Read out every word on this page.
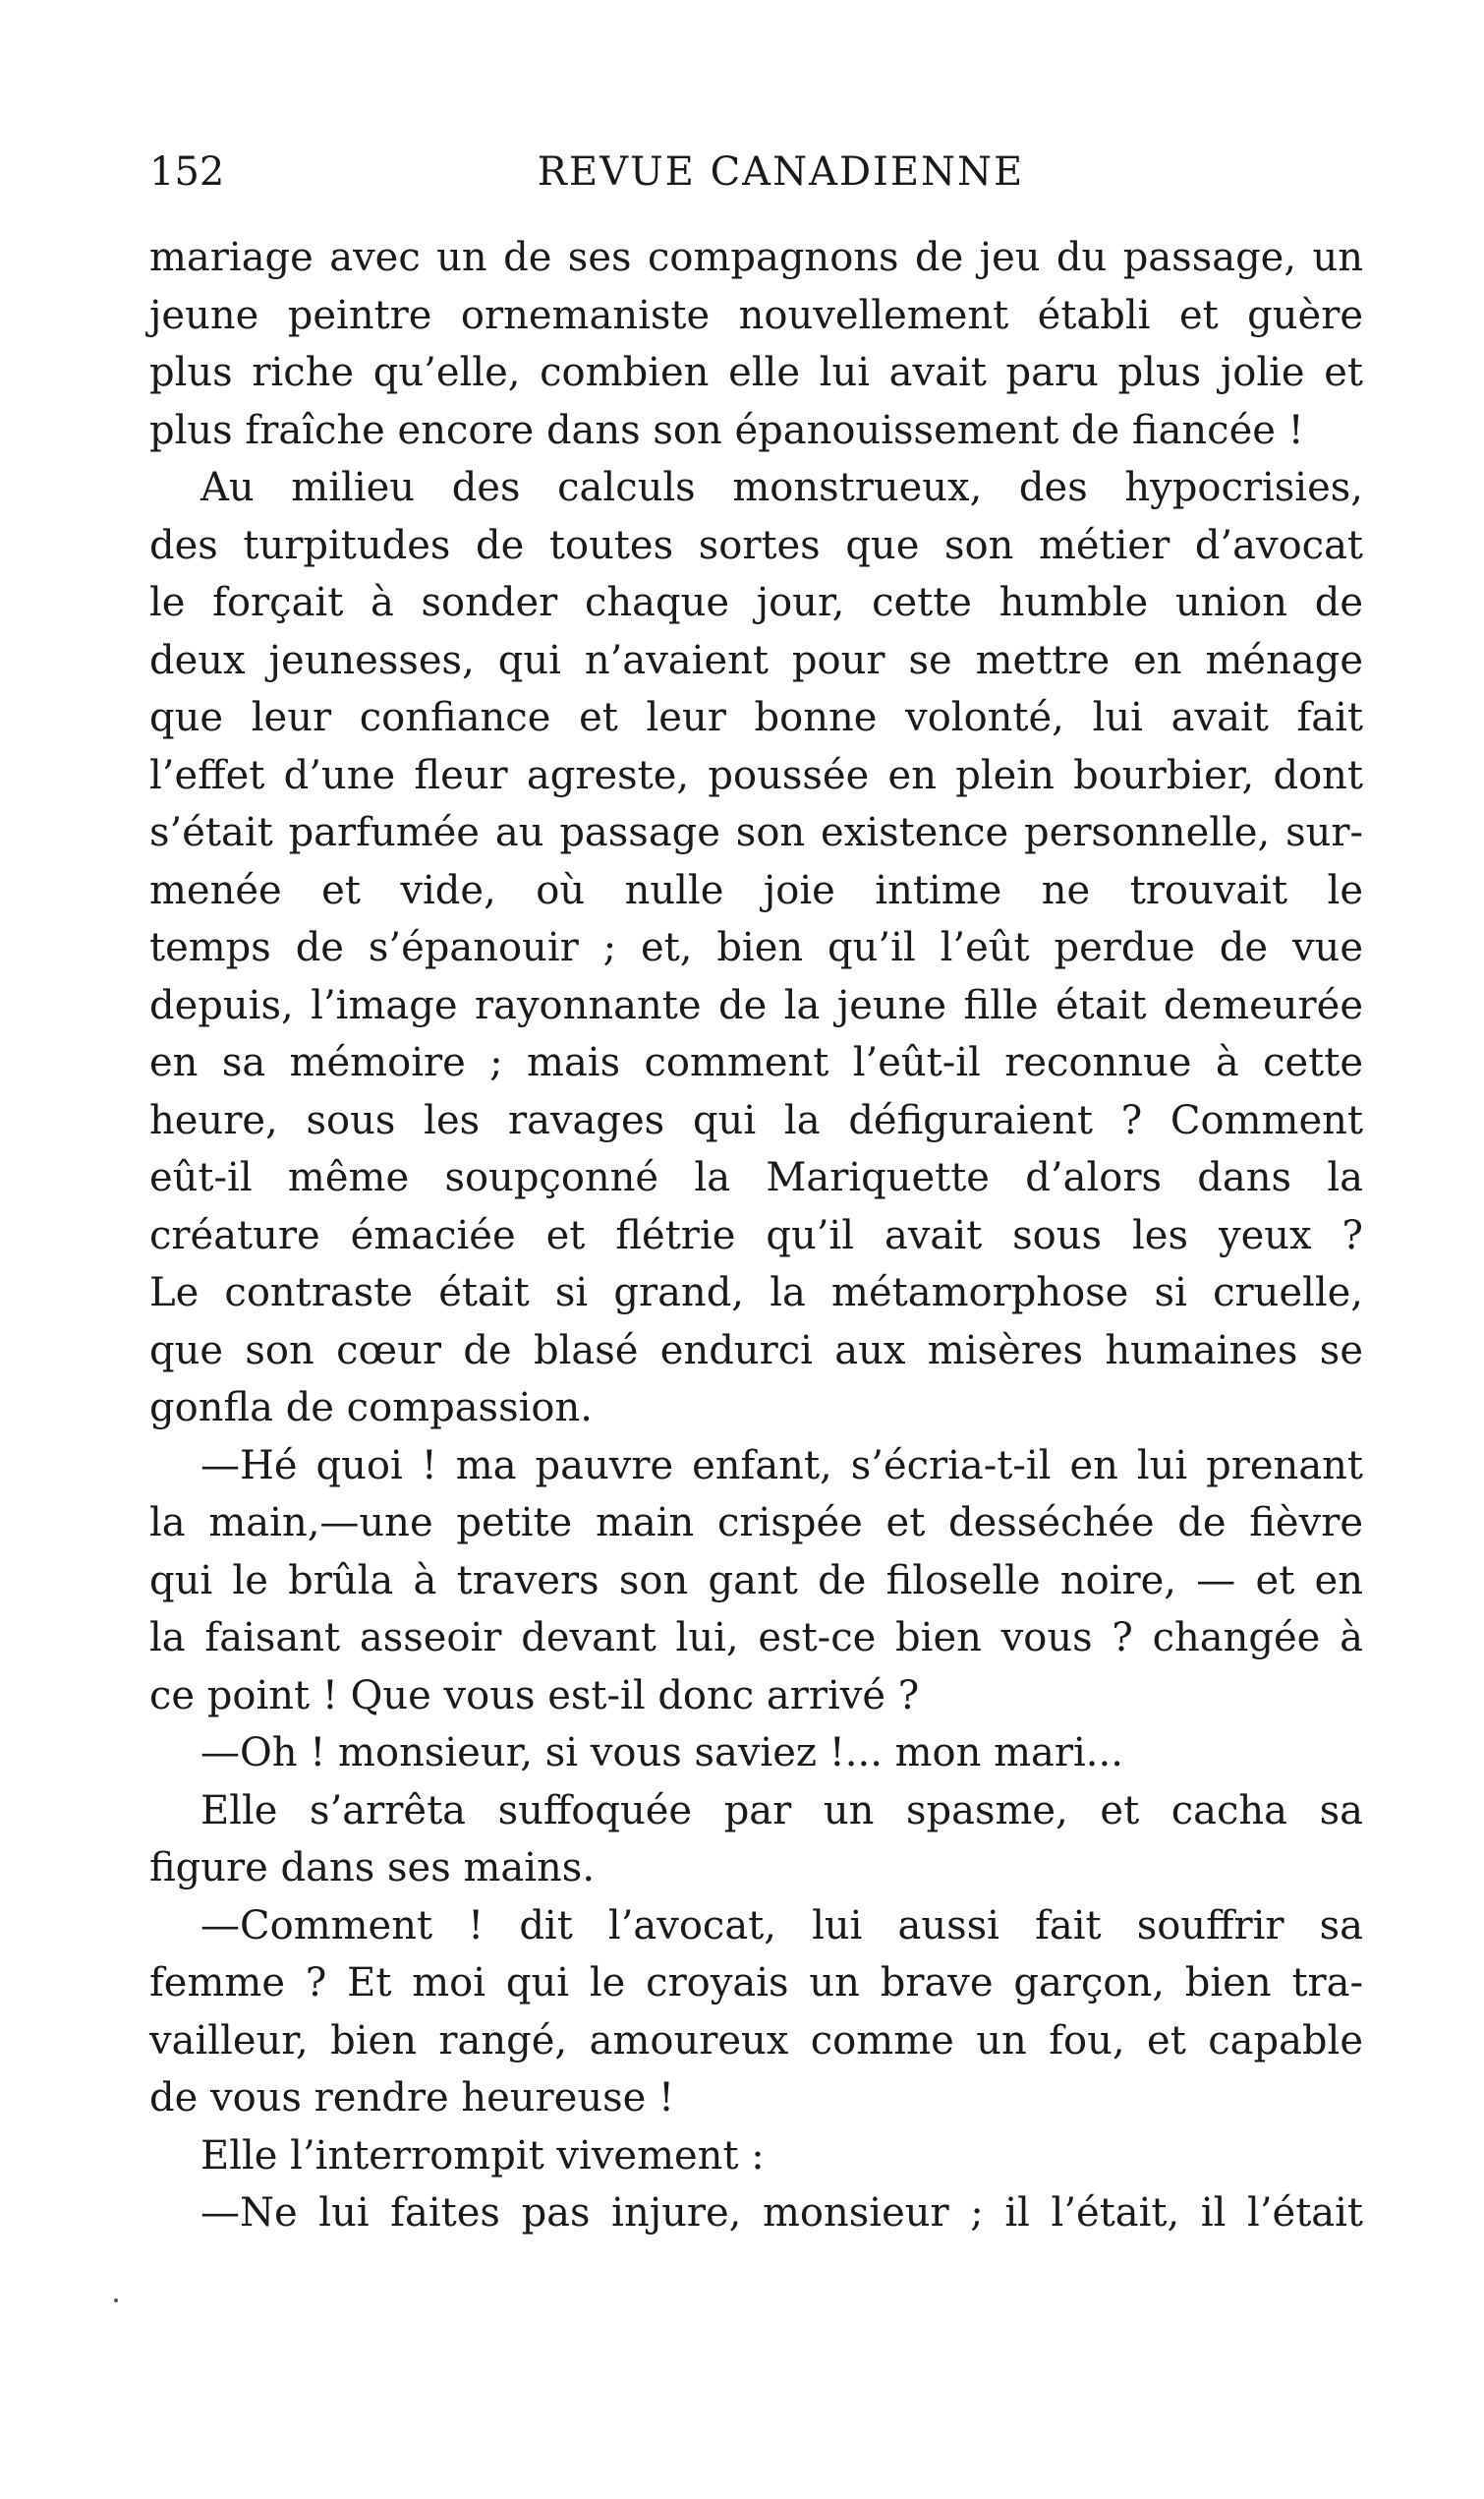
152	REVUE CANADIENNE
mariage avec un de ses compagnons de jeu du passage, un
jeune peintre ornemaniste nouvellement établi et guère
plus riche qu’elle, combien elle lui avait paru plus jolie et
plus fraîche encore dans son épanouissement de fiancée !
Au milieu des calculs monstrueux, des hypocrisies,
des turpitudes de toutes sortes que son métier d’avocat
le forçait à sonder chaque jour, cette humble union de
deux jeunesses, qui n’avaient pour se mettre en ménage
que leur confiance et leur bonne volonté, lui avait fait
l’effet d’une fleur agreste, poussée en plein bourbier, dont
s’était parfumée au passage son existence personnelle, sur-
menée et vide, où nulle joie intime ne trouvait le
temps de s’épanouir ; et, bien qu’il l’eût perdue de vue
depuis, l’image rayonnante de la jeune fille était demeurée
en sa mémoire ; mais comment l’eût-il reconnue à cette
heure, sous les ravages qui la défiguraient ? Comment
eût-il même soupçonné la Mariquette d’alors dans la
créature émaciée et flétrie qu’il avait sous les yeux ?
Le contraste était si grand, la métamorphose si cruelle,
que son cœur de blasé endurci aux misères humaines se
gonfla de compassion.
—Hé quoi ! ma pauvre enfant, s’écria-t-il en lui prenant
la main,—une petite main crispée et desséchée de fièvre
qui le brûla à travers son gant de filoselle noire, — et en
la faisant asseoir devant lui, est-ce bien vous ? changée à
ce point ! Que vous est-il donc arrivé ?
—Oh ! monsieur, si vous saviez !... mon mari...
Elle s’arrêta suffoquée par un spasme, et cacha sa
figure dans ses mains.
—Comment ! dit l’avocat, lui aussi fait souffrir sa
femme ? Et moi qui le croyais un brave garçon, bien tra-
vailleur, bien rangé, amoureux comme un fou, et capable
de vous rendre heureuse !
Elle l’interrompit vivement :
—Ne lui faites pas injure, monsieur ; il l’était, il l’était
